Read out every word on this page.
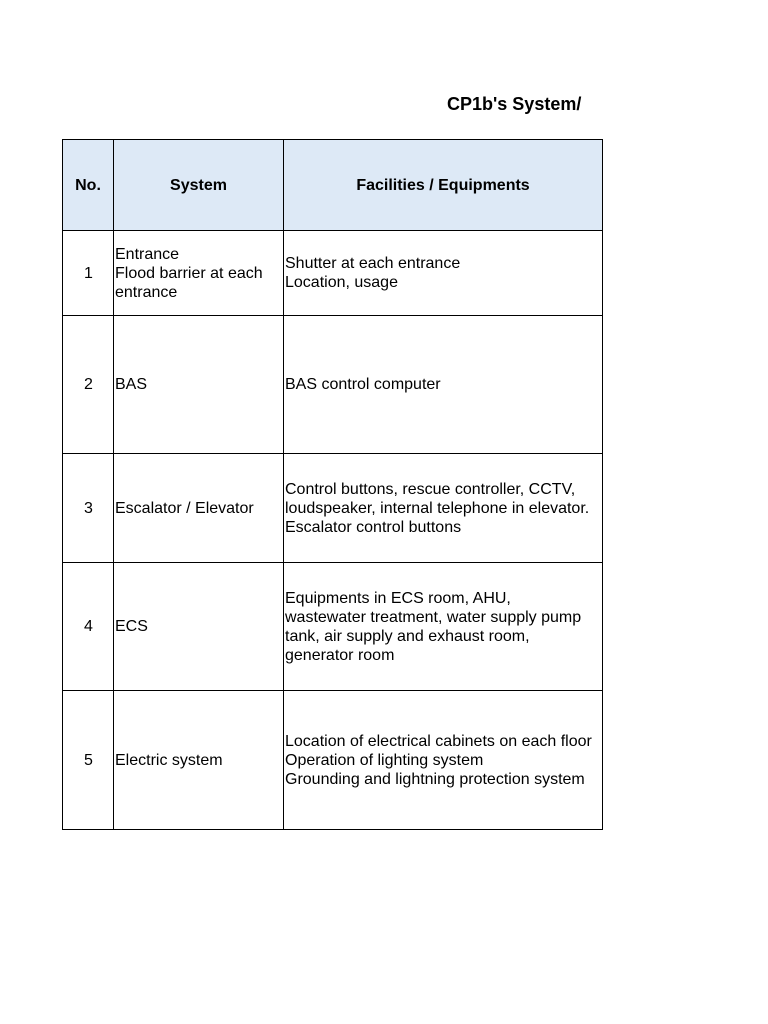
CP1b's System/
No.	System	Facilities / Equipments
1	Entrance
Flood barrier at each
entrance	Shutter at each entrance
Location, usage
2	BAS	BAS control computer
3	Escalator / Elevator	Control buttons, rescue controller, CCTV,
loudspeaker, internal telephone in elevator.
Escalator control buttons
4	ECS	Equipments in ECS room, AHU,
wastewater treatment, water supply pump
tank, air supply and exhaust room,
generator room
5	Electric system	Location of electrical cabinets on each floor
Operation of lighting system
Grounding and lightning protection system
